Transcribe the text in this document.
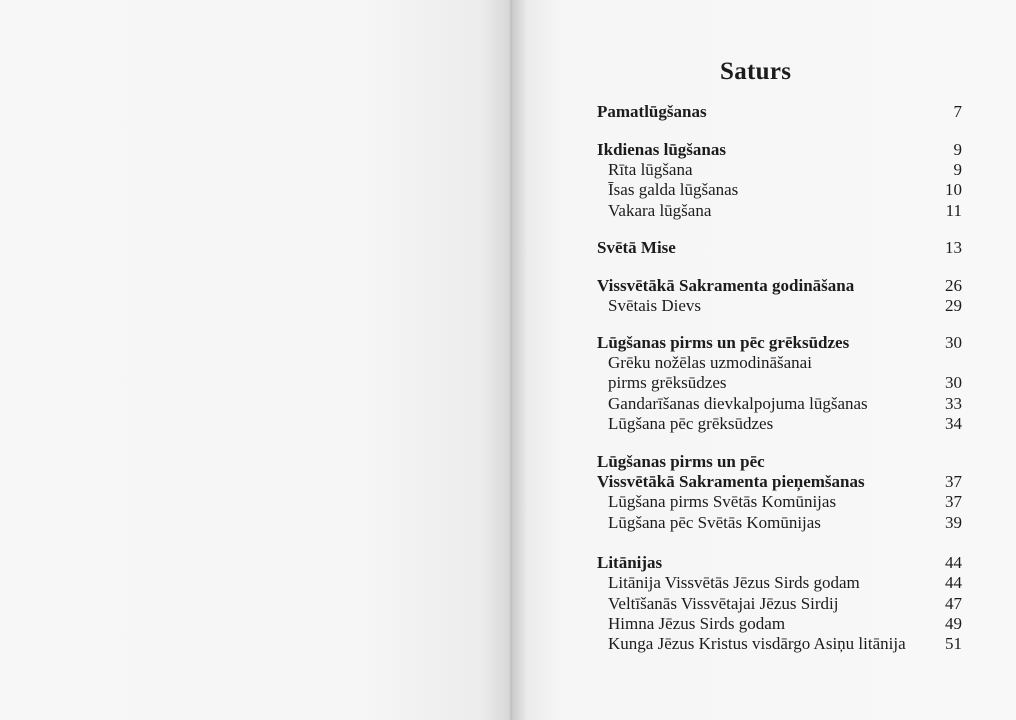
Saturs
Pamatlūgšanas	7
Ikdienas lūgšanas	9
Rīta lūgšana	9
Īsas galda lūgšanas	10
Vakara lūgšana	11
Svētā Mise	13
Vissvētākā Sakramenta godināšana	26
Svētais Dievs	29
Lūgšanas pirms un pēc grēksūdzes	30
Grēku nožēlas uzmodināšanai
pirms grēksūdzes	30
Gandarīšanas dievkalpojuma lūgšanas	33
Lūgšana pēc grēksūdzes	34
Lūgšanas pirms un pēc
Vissvētākā Sakramenta pieņemšanas	37
Lūgšana pirms Svētās Komūnijas	37
Lūgšana pēc Svētās Komūnijas	39
Litānijas	44
Litānija Vissvētās Jēzus Sirds godam	44
Veltīšanās Vissvētajai Jēzus Sirdij	47
Himna Jēzus Sirds godam	49
Kunga Jēzus Kristus visdārgo Asiņu litānija 51
